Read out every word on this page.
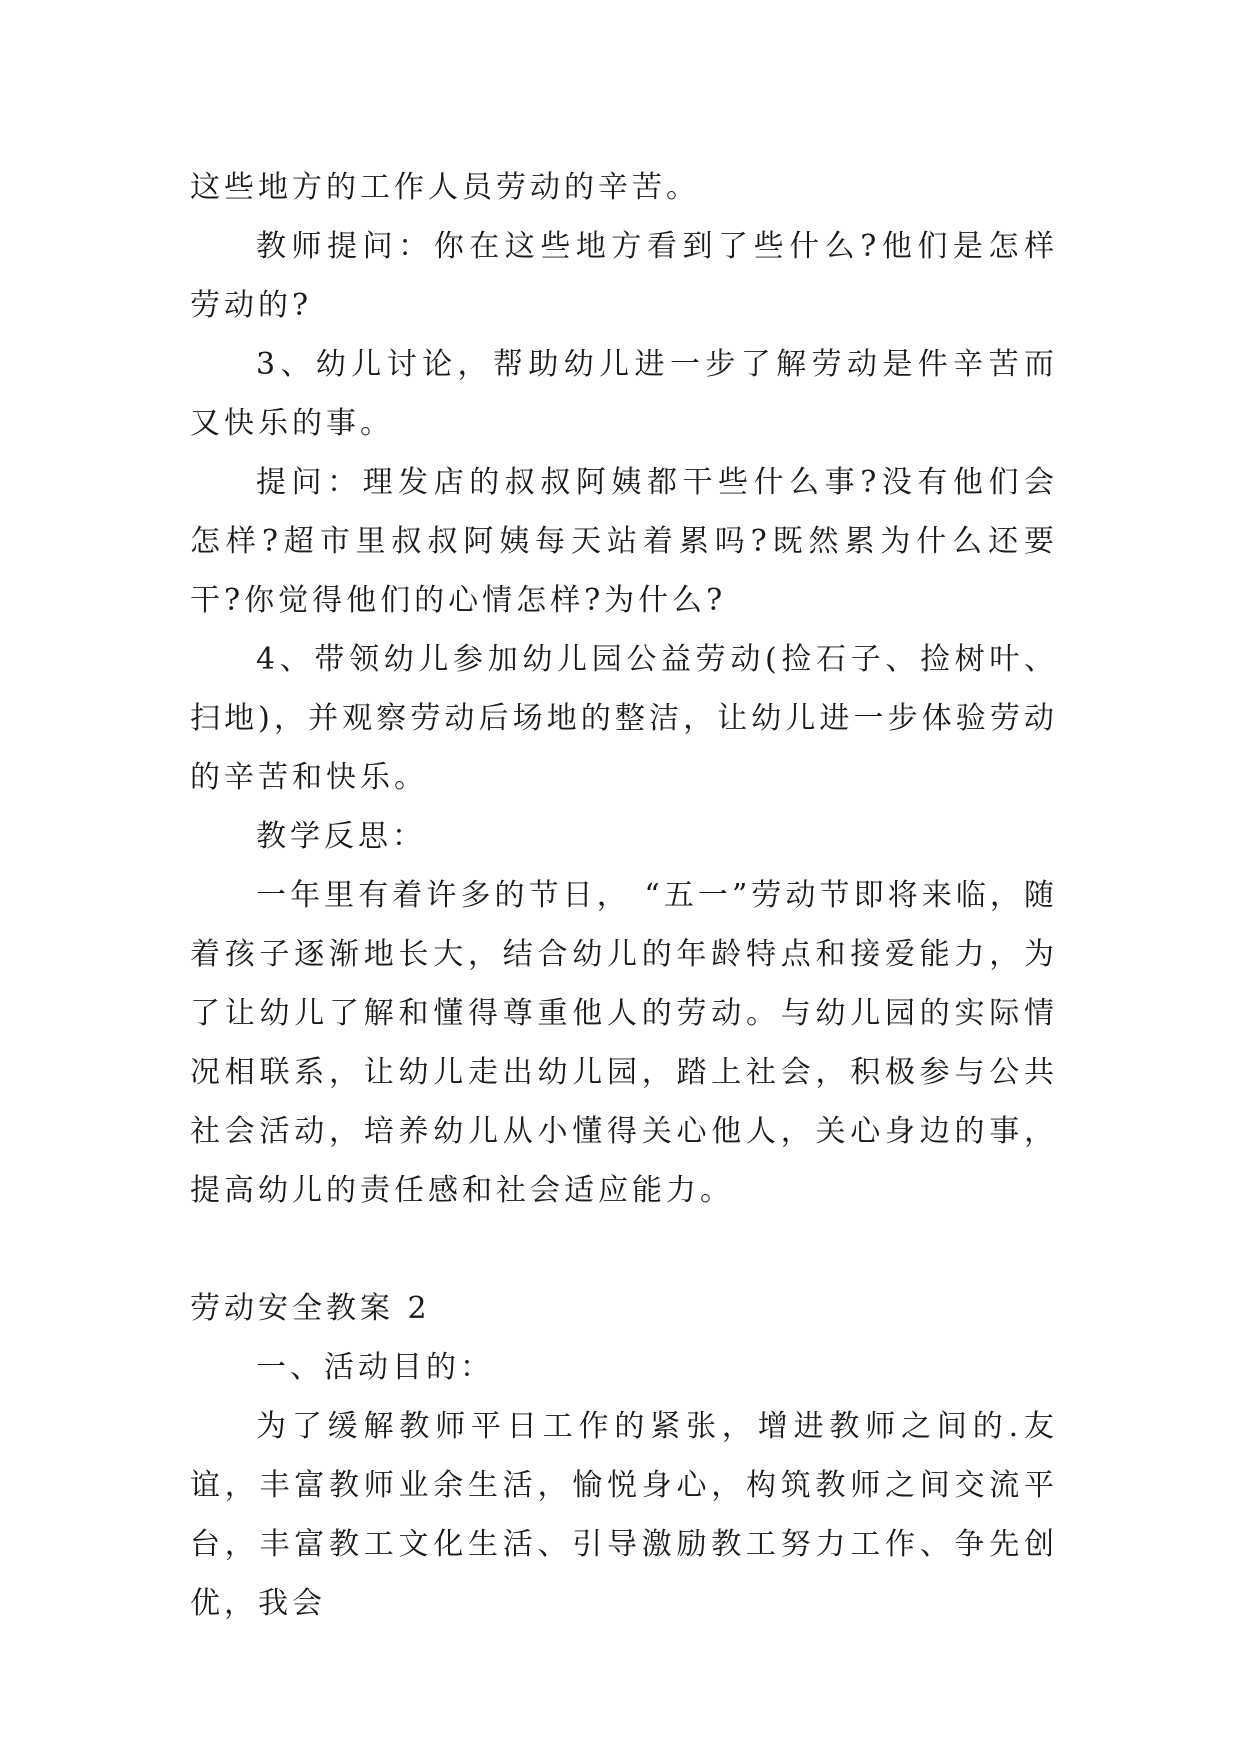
这些地方的工作人员劳动的辛苦。

教师提问：你在这些地方看到了些什么?他们是怎样劳动的?

3、幼儿讨论，帮助幼儿进一步了解劳动是件辛苦而又快乐的事。

提问：理发店的叔叔阿姨都干些什么事?没有他们会怎样?超市里叔叔阿姨每天站着累吗?既然累为什么还要干?你觉得他们的心情怎样?为什么?

4、带领幼儿参加幼儿园公益劳动(捡石子、捡树叶、扫地)，并观察劳动后场地的整洁，让幼儿进一步体验劳动的辛苦和快乐。

教学反思：

一年里有着许多的节日， “五一”劳动节即将来临，随着孩子逐渐地长大，结合幼儿的年龄特点和接爱能力，为了让幼儿了解和懂得尊重他人的劳动。与幼儿园的实际情况相联系，让幼儿走出幼儿园，踏上社会，积极参与公共社会活动，培养幼儿从小懂得关心他人，关心身边的事，提高幼儿的责任感和社会适应能力。

劳动安全教案 2

一、活动目的：

为了缓解教师平日工作的紧张，增进教师之间的.友谊，丰富教师业余生活，愉悦身心，构筑教师之间交流平台，丰富教工文化生活、引导激励教工努力工作、争先创优，我会
